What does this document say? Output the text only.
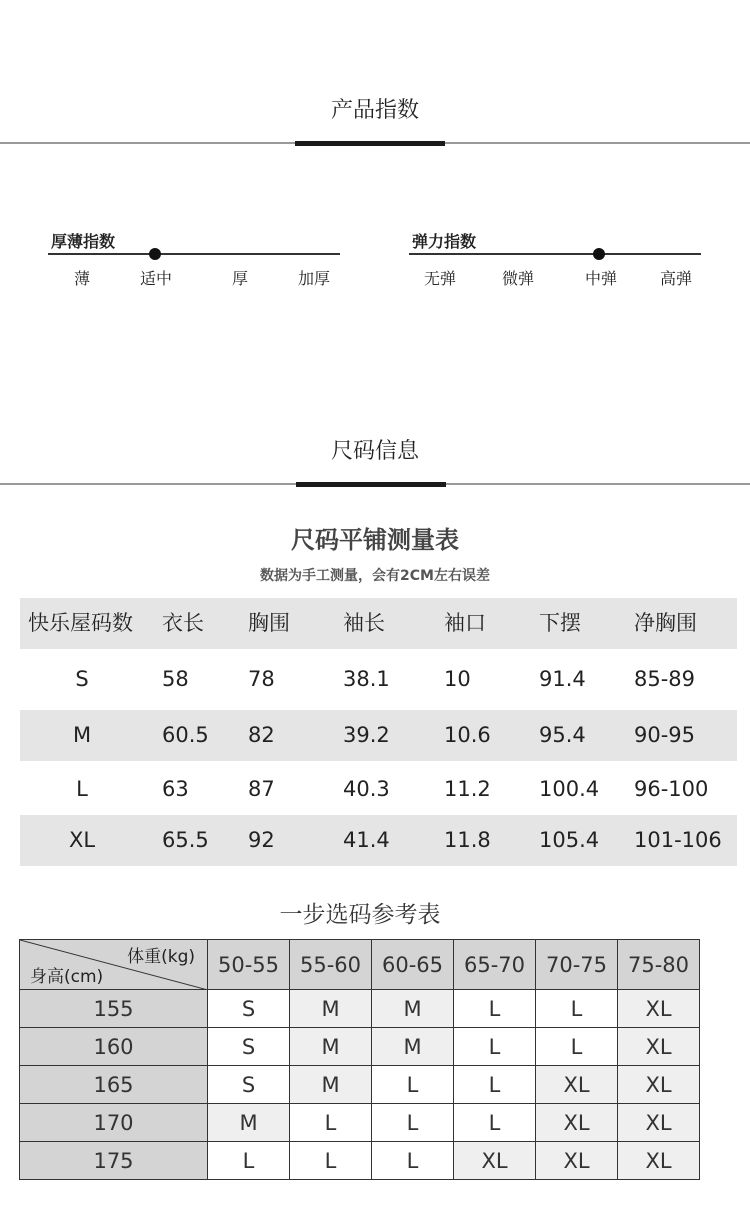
产品指数
厚薄指数
薄	适中	厚	加厚
弹力指数
无弹	微弹	中弹	高弹
尺码信息
尺码平铺测量表
数据为手工测量，会有2CM左右误差
快乐屋码数 衣长 胸围	袖长	袖口	下摆	净胸围
S	58	78	38.1	10	91.4 85-89
M	60.5 82	39.2	10.6 95.4 90-95
L	63	87	40.3	11.2 100.4 96-100
XL	65.5 92	41.4	11.8 105.4 101-106
一步选码参考表
体重(kg)
身高(cm)	50-55	55-60	60-65	65-70	70-75	75-80
155	S	M	M	L	L	XL
160	S	M	M	L	L	XL
165	S	M	L	L	XL	XL
170	M	L	L	L	XL	XL
175	L	L	L	XL	XL	XL
